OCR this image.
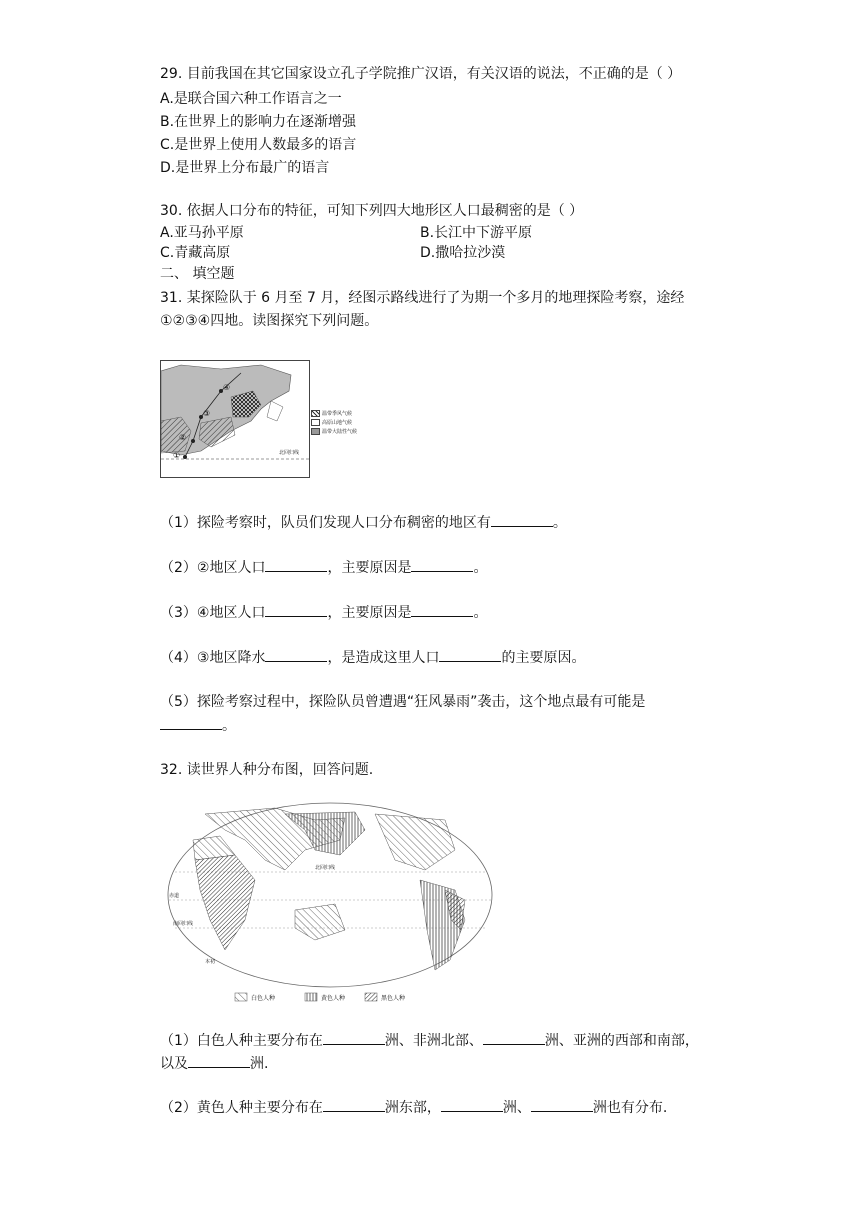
29. 目前我国在其它国家设立孔子学院推广汉语，有关汉语的说法，不正确的是（ ）
A.是联合国六种工作语言之一
B.在世界上的影响力在逐渐增强
C.是世界上使用人数最多的语言
D.是世界上分布最广的语言
30. 依据人口分布的特征，可知下列四大地形区人口最稠密的是（ ）
A.亚马孙平原	B.长江中下游平原
C.青藏高原	D.撒哈拉沙漠
二、 填空题
31. 某探险队于 6 月至 7 月，经图示路线进行了为期一个多月的地理探险考察，途经
①②③④四地。读图探究下列问题。
①
②
③
④
北回归线
温带季风气候
高原山地气候
温带大陆性气候
（1）探险考察时，队员们发现人口分布稠密的地区有	。
（2）②地区人口	，主要原因是	。
（3）④地区人口	，主要原因是	。
（4）③地区降水	，是造成这里人口	的主要原因。
（5）探险考察过程中，探险队员曾遭遇“狂风暴雨”袭击，这个地点最有可能是
。
32. 读世界人种分布图，回答问题.
北回归线
赤道
南回归线
本初
白色人种	黄色人种	黑色人种
（1）白色人种主要分布在	洲、非洲北部、	洲、亚洲的西部和南部，
以及	洲.
（2）黄色人种主要分布在	洲东部，	洲、	洲也有分布.
